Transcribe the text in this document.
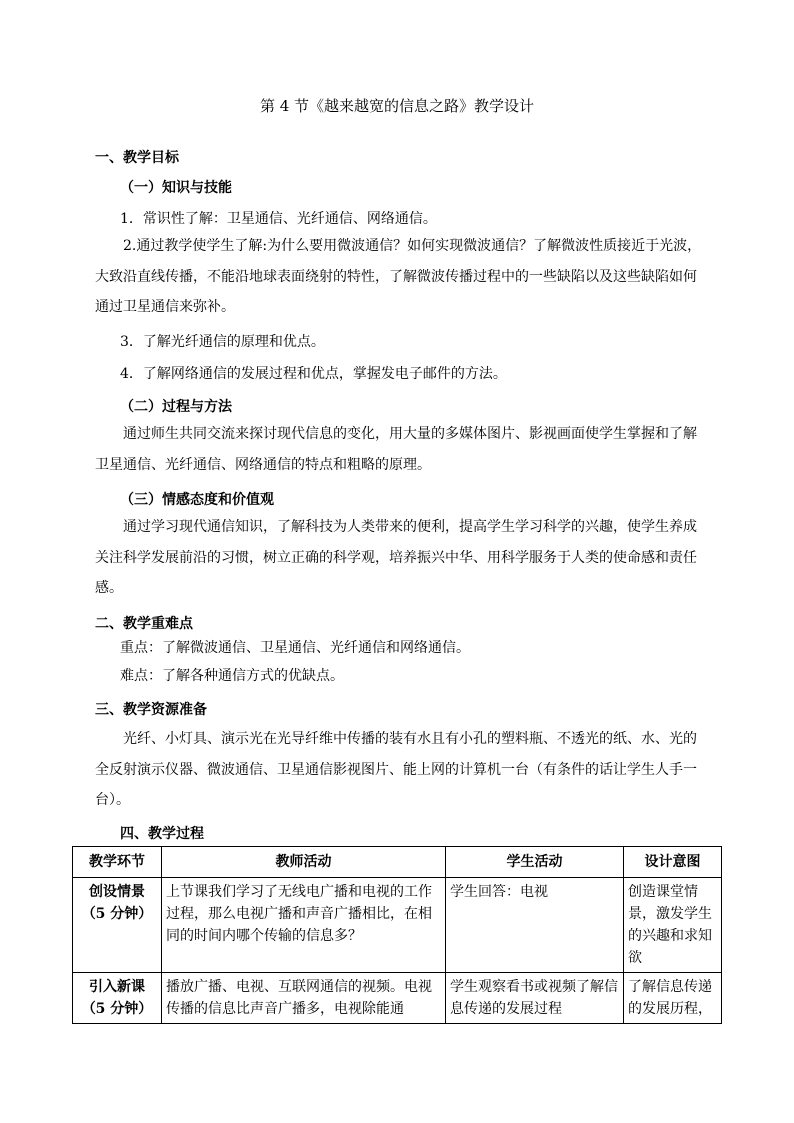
第 4 节《越来越宽的信息之路》教学设计
一、教学目标
（一）知识与技能
1．常识性了解：卫星通信、光纤通信、网络通信。
2.通过教学使学生了解:为什么要用微波通信？如何实现微波通信？了解微波性质接近于光波，
大致沿直线传播，不能沿地球表面绕射的特性，了解微波传播过程中的一些缺陷以及这些缺陷如何
通过卫星通信来弥补。
3．了解光纤通信的原理和优点。
4．了解网络通信的发展过程和优点，掌握发电子邮件的方法。
（二）过程与方法
通过师生共同交流来探讨现代信息的变化，用大量的多媒体图片、影视画面使学生掌握和了解
卫星通信、光纤通信、网络通信的特点和粗略的原理。
（三）情感态度和价值观
通过学习现代通信知识，了解科技为人类带来的便利，提高学生学习科学的兴趣，使学生养成
关注科学发展前沿的习惯，树立正确的科学观，培养振兴中华、用科学服务于人类的使命感和责任
感。
二、教学重难点
重点：了解微波通信、卫星通信、光纤通信和网络通信。
难点：了解各种通信方式的优缺点。
三、教学资源准备
光纤、小灯具、演示光在光导纤维中传播的装有水且有小孔的塑料瓶、不透光的纸、水、光的
全反射演示仪器、微波通信、卫星通信影视图片、能上网的计算机一台（有条件的话让学生人手一
台）。
四、教学过程
教学环节	教师活动	学生活动	设计意图

创设情景
（5 分钟）	上节课我们学习了无线电广播和电视的工作过程，那么电视广播和声音广播相比，在相同的时间内哪个传输的信息多？	学生回答：电视	创造课堂情景，激发学生的兴趣和求知欲

引入新课
（5 分钟）	播放广播、电视、互联网通信的视频。电视传播的信息比声音广播多，电视除能通	学生观察看书或视频了解信息传递的发展过程	了解信息传递的发展历程，
